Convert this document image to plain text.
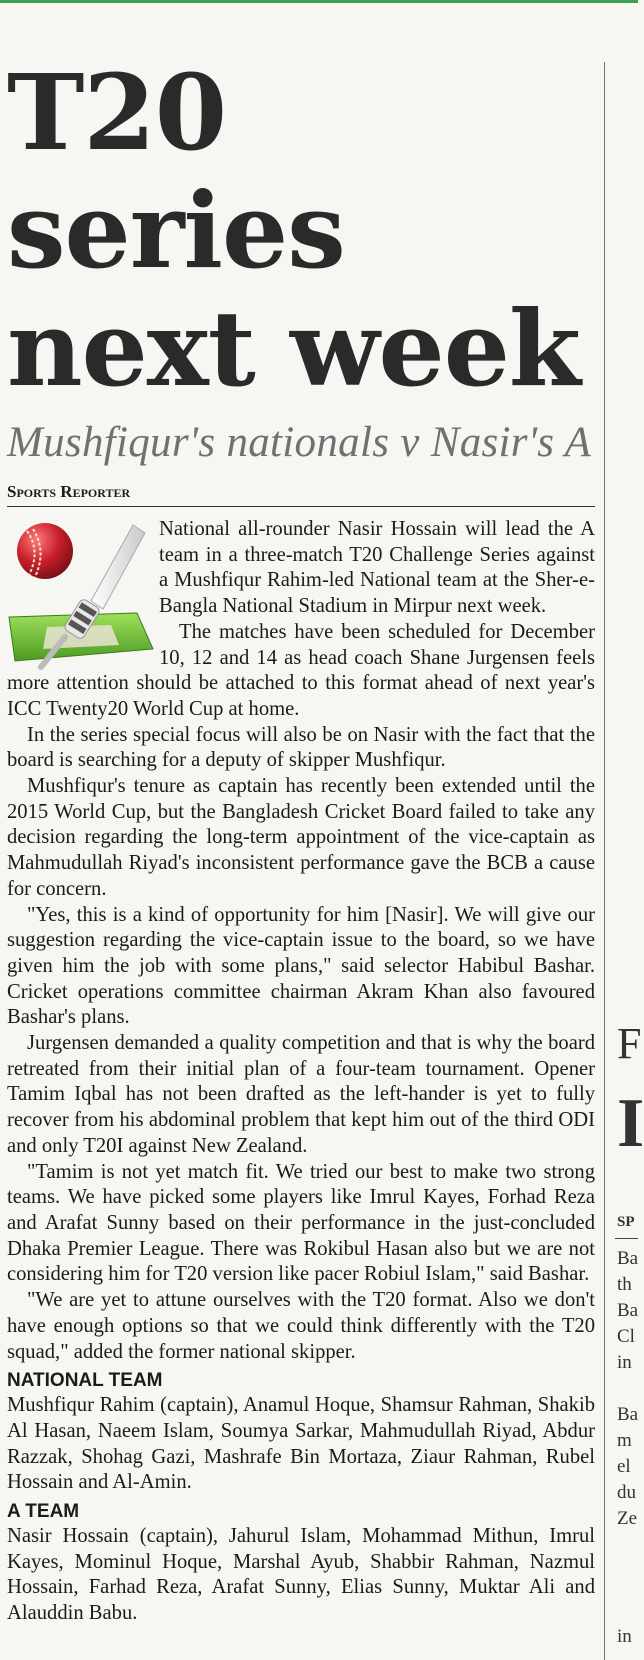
T20 series
next week
Mushfiqur's nationals v Nasir's A
Sports Reporter

National all-rounder Nasir Hossain will lead the A team in a three-match T20 Challenge Series against a Mushfiqur Rahim-led National team at the Sher-e-Bangla National Stadium in Mirpur next week.

The matches have been scheduled for December 10, 12 and 14 as head coach Shane Jurgensen feels more attention should be attached to this format ahead of next year's ICC Twenty20 World Cup at home.

In the series special focus will also be on Nasir with the fact that the board is searching for a deputy of skipper Mushfiqur.

Mushfiqur's tenure as captain has recently been extended until the 2015 World Cup, but the Bangladesh Cricket Board failed to take any decision regarding the long-term appointment of the vice-captain as Mahmudullah Riyad's inconsistent performance gave the BCB a cause for concern.

"Yes, this is a kind of opportunity for him [Nasir]. We will give our suggestion regarding the vice-captain issue to the board, so we have given him the job with some plans," said selector Habibul Bashar. Cricket operations committee chairman Akram Khan also favoured Bashar's plans.

Jurgensen demanded a quality competition and that is why the board retreated from their initial plan of a four-team tournament. Opener Tamim Iqbal has not been drafted as the left-hander is yet to fully recover from his abdominal problem that kept him out of the third ODI and only T20I against New Zealand.

"Tamim is not yet match fit. We tried our best to make two strong teams. We have picked some players like Imrul Kayes, Forhad Reza and Arafat Sunny based on their performance in the just-concluded Dhaka Premier League. There was Rokibul Hasan also but we are not considering him for T20 version like pacer Robiul Islam," said Bashar.

"We are yet to attune ourselves with the T20 format. Also we don't have enough options so that we could think differently with the T20 squad," added the former national skipper.

NATIONAL TEAM

Mushfiqur Rahim (captain), Anamul Hoque, Shamsur Rahman, Shakib Al Hasan, Naeem Islam, Soumya Sarkar, Mahmudullah Riyad, Abdur Razzak, Shohag Gazi, Mashrafe Bin Mortaza, Ziaur Rahman, Rubel Hossain and Al-Amin.

A TEAM

Nasir Hossain (captain), Jahurul Islam, Mohammad Mithun, Imrul Kayes, Mominul Hoque, Marshal Ayub, Shabbir Rahman, Nazmul Hossain, Farhad Reza, Arafat Sunny, Elias Sunny, Muktar Ali and Alauddin Babu.

F
I
SP
Ba
th
Ba
Cl
in
Ba
m
el
du
Ze
in
